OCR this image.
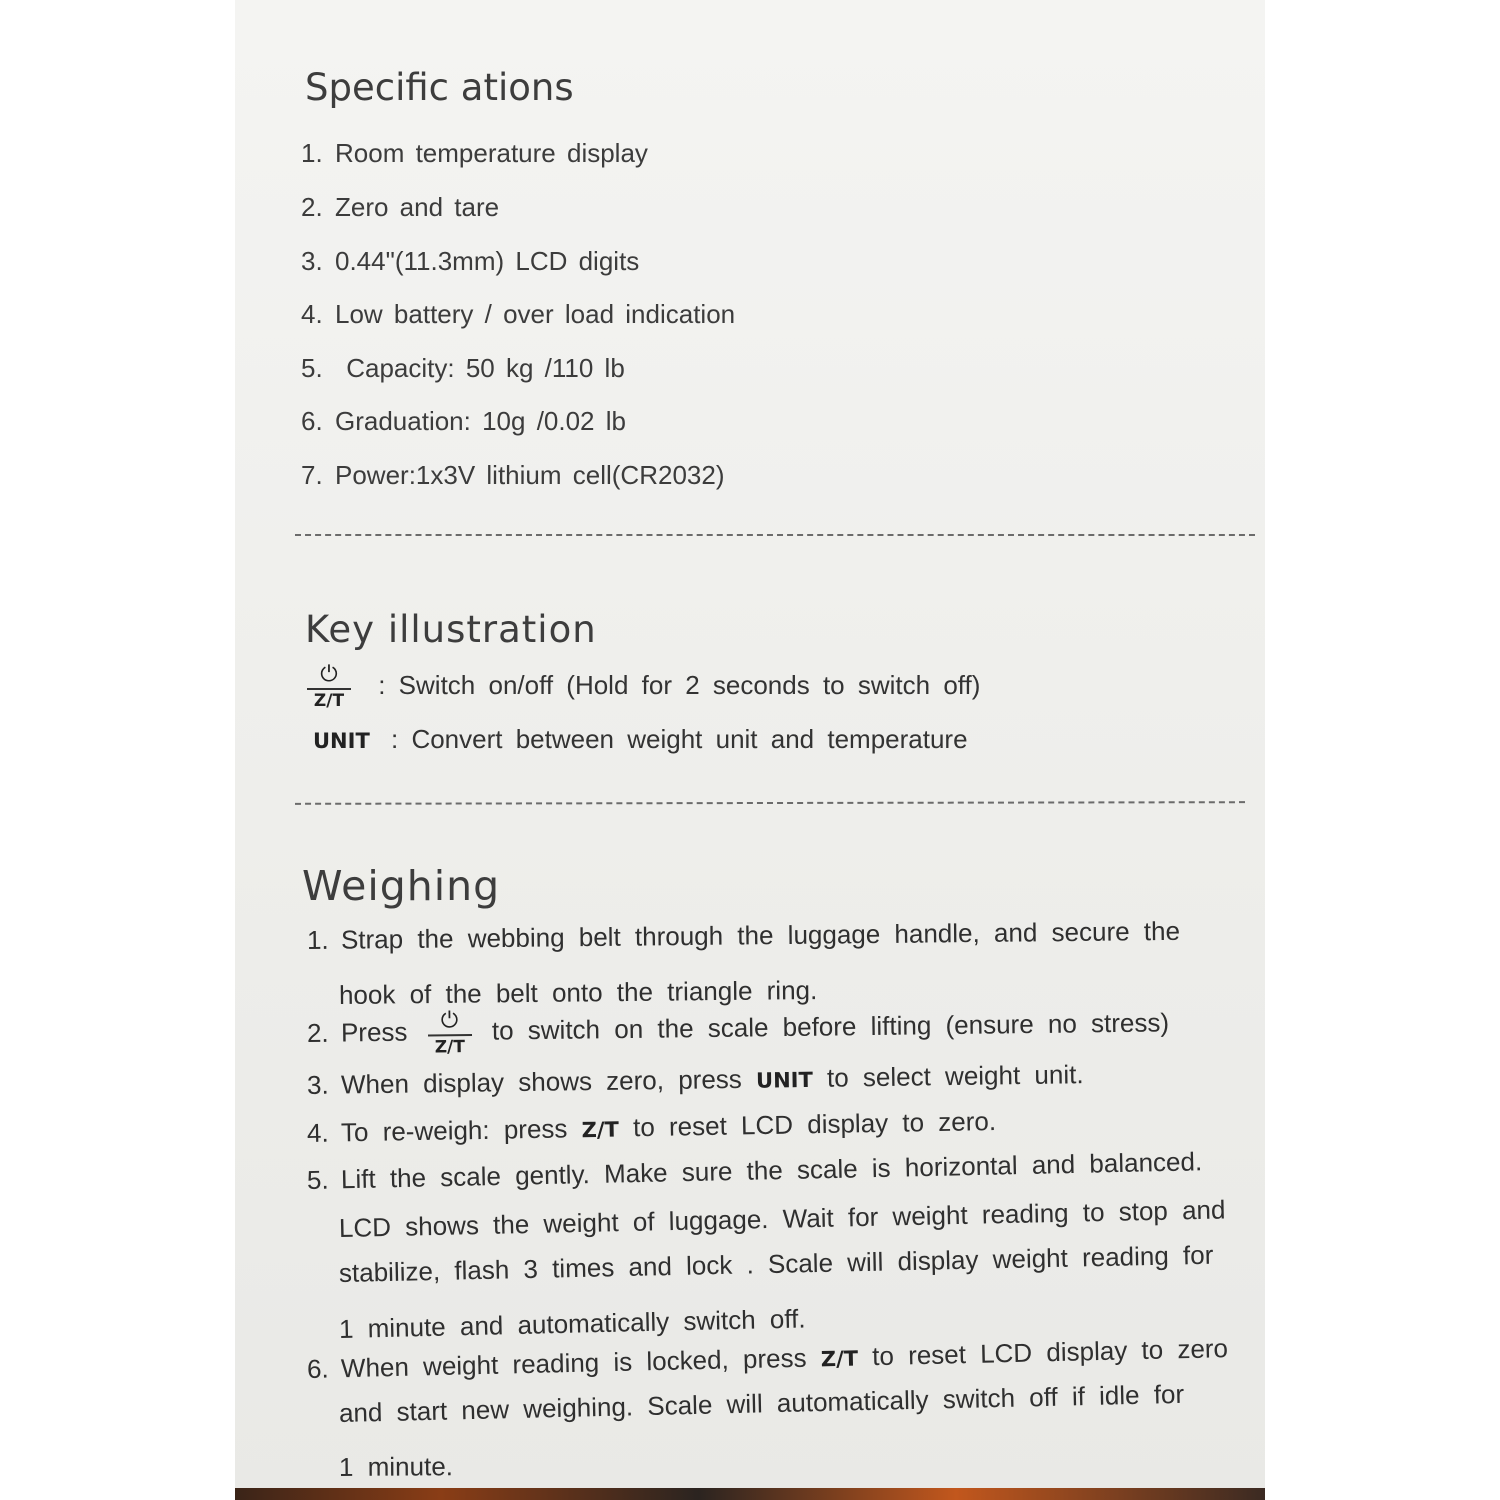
Specific ations
1. Room temperature display
2. Zero and tare
3. 0.44"(11.3mm) LCD digits
4. Low battery / over load indication
5. Capacity: 50 kg /110 lb
6. Graduation: 10g /0.02 lb
7. Power:1x3V lithium cell(CR2032)
Key illustration
⏻
Z/T
: Switch on/off (Hold for 2 seconds to switch off)
UNIT : Convert between weight unit and temperature
Weighing
1. Strap the webbing belt through the luggage handle, and secure the
hook of the belt onto the triangle ring.
2. Press ⏻
Z/T
to switch on the scale before lifting (ensure no stress)
3. When display shows zero, press UNIT to select weight unit.
4. To re-weigh: press Z/T to reset LCD display to zero.
5. Lift the scale gently. Make sure the scale is horizontal and balanced.
LCD shows the weight of luggage. Wait for weight reading to stop and
stabilize, flash 3 times and lock . Scale will display weight reading for
1 minute and automatically switch off.
6. When weight reading is locked, press Z/T to reset LCD display to zero
and start new weighing. Scale will automatically switch off if idle for
1 minute.
